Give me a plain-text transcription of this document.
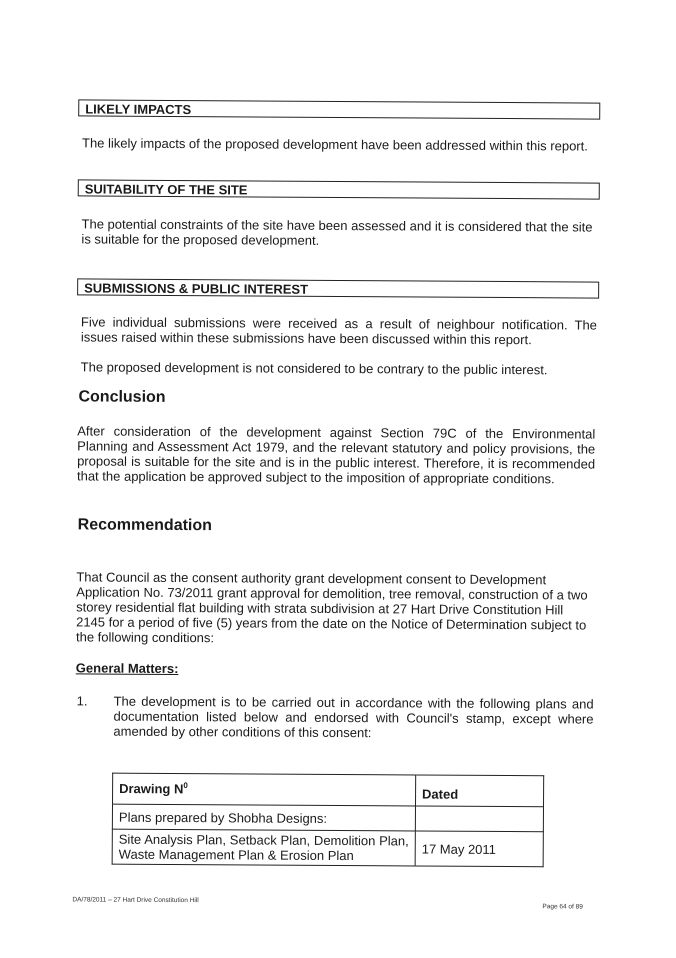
LIKELY IMPACTS
The likely impacts of the proposed development have been addressed within this report.
SUITABILITY OF THE SITE
The potential constraints of the site have been assessed and it is considered that the site is suitable for the proposed development.
SUBMISSIONS & PUBLIC INTEREST
Five individual submissions were received as a result of neighbour notification. The issues raised within these submissions have been discussed within this report.
The proposed development is not considered to be contrary to the public interest.
Conclusion
After consideration of the development against Section 79C of the Environmental Planning and Assessment Act 1979, and the relevant statutory and policy provisions, the proposal is suitable for the site and is in the public interest. Therefore, it is recommended that the application be approved subject to the imposition of appropriate conditions.
Recommendation
That Council as the consent authority grant development consent to Development Application No. 73/2011 grant approval for demolition, tree removal, construction of a two storey residential flat building with strata subdivision at 27 Hart Drive Constitution Hill 2145 for a period of five (5) years from the date on the Notice of Determination subject to the following conditions:
General Matters:
1. The development is to be carried out in accordance with the following plans and documentation listed below and endorsed with Council's stamp, except where amended by other conditions of this consent:
Drawing $N^0$	Dated
Plans prepared by Shobha Designs:	
Site Analysis Plan, Setback Plan, Demolition Plan, Waste Management Plan & Erosion Plan	17 May 2011
DA/78/2011 – 27 Hart Drive Constitution Hill
Page 64 of 89
